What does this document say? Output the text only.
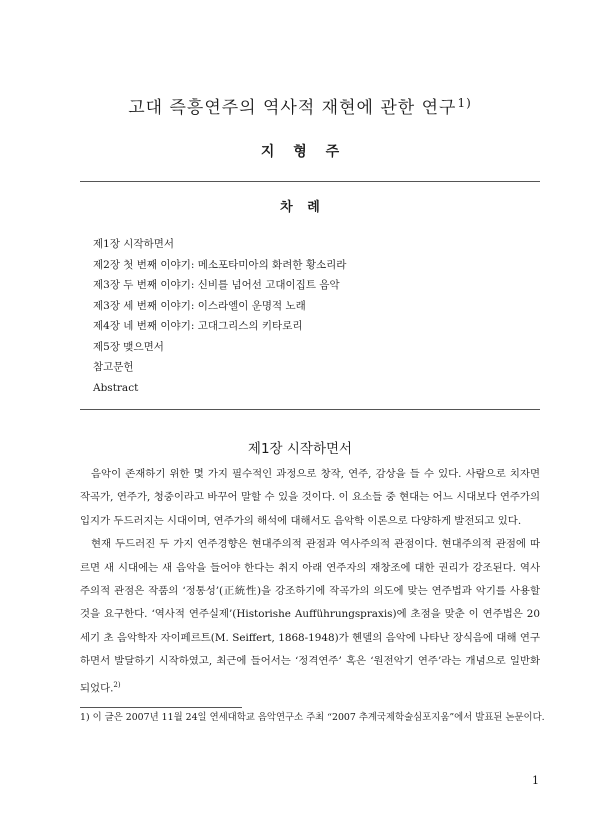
고대 즉흥연주의 역사적 재현에 관한 연구$^{1)}$
지 형 주
차 례
제1장 시작하면서
제2장 첫 번째 이야기: 메소포타미아의 화려한 황소리라
제3장 두 번째 이야기: 신비를 넘어선 고대이집트 음악
제3장 세 번째 이야기: 이스라엘이 운명적 노래
제4장 네 번째 이야기: 고대그리스의 키타로리
제5장 맺으면서
참고문헌
Abstract
제1장 시작하면서

음악이 존재하기 위한 몇 가지 필수적인 과정으로 창작, 연주, 감상을 들 수 있다. 사람으로 치자면 작곡가, 연주가, 청중이라고 바꾸어 말할 수 있을 것이다. 이 요소들 중 현대는 어느 시대보다 연주가의 입지가 두드러지는 시대이며, 연주가의 해석에 대해서도 음악학 이론으로 다양하게 발전되고 있다.

현재 두드러진 두 가지 연주경향은 현대주의적 관점과 역사주의적 관점이다. 현대주의적 관점에 따르면 새 시대에는 새 음악을 들어야 한다는 취지 아래 연주자의 재창조에 대한 권리가 강조된다. 역사주의적 관점은 작품의 ‘정통성’(正統性)을 강조하기에 작곡가의 의도에 맞는 연주법과 악기를 사용할 것을 요구한다. ‘역사적 연주실제’(Historishe Aufführungspraxis)에 초점을 맞춘 이 연주법은 20세기 초 음악학자 자이페르트(M. Seiffert, 1868-1948)가 헨델의 음악에 나타난 장식음에 대해 연구하면서 발달하기 시작하였고, 최근에 들어서는 ‘정격연주’ 혹은 ‘원전악기 연주’라는 개념으로 일반화되었다.$^{2)}$

1) 이 글은 2007년 11월 24일 연세대학교 음악연구소 주최 “2007 추계국제학술심포지움”에서 발표된 논문이다.
1
